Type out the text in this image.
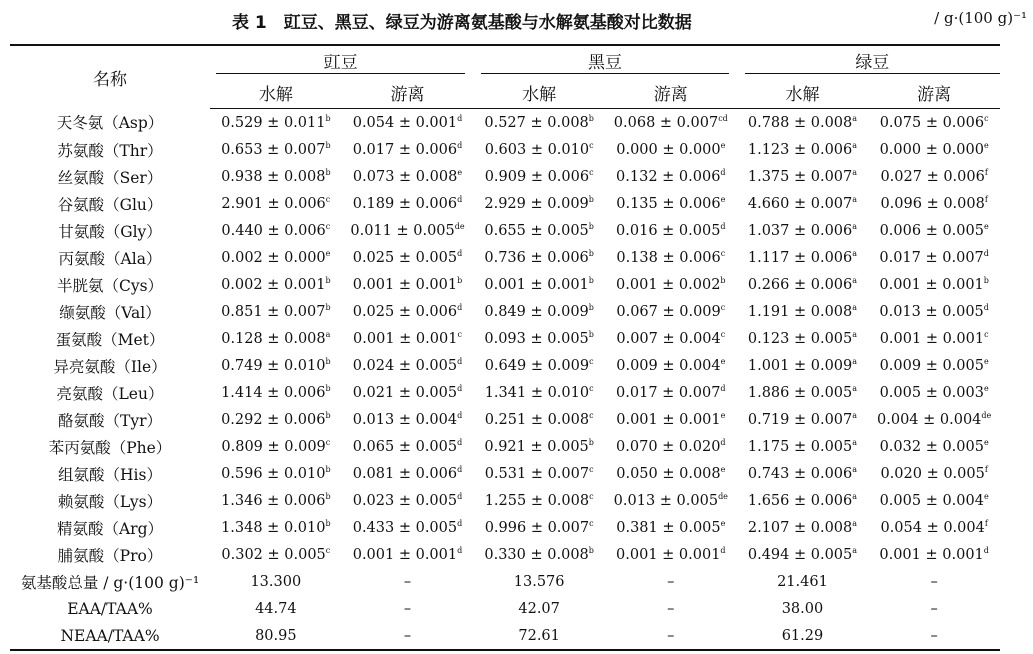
表 1　豇豆、黑豆、绿豆为游离氨基酸与水解氨基酸对比数据	/ g·(100 g)⁻¹
名称	豇豆		黑豆		绿豆	

	水解	游离	水解	游离	水解	游离
天冬氨（Asp）	0.529 ± 0.011$^b$	0.054 ± 0.001$^d$	0.527 ± 0.008$^b$	0.068 ± 0.007$^{cd}$	0.788 ± 0.008$^a$	0.075 ± 0.006$^c$
苏氨酸（Thr）	0.653 ± 0.007$^b$	0.017 ± 0.006$^d$	0.603 ± 0.010$^c$	0.000 ± 0.000$^e$	1.123 ± 0.006$^a$	0.000 ± 0.000$^e$
丝氨酸（Ser）	0.938 ± 0.008$^b$	0.073 ± 0.008$^e$	0.909 ± 0.006$^c$	0.132 ± 0.006$^d$	1.375 ± 0.007$^a$	0.027 ± 0.006$^f$
谷氨酸（Glu）	2.901 ± 0.006$^c$	0.189 ± 0.006$^d$	2.929 ± 0.009$^b$	0.135 ± 0.006$^e$	4.660 ± 0.007$^a$	0.096 ± 0.008$^f$
甘氨酸（Gly）	0.440 ± 0.006$^c$	0.011 ± 0.005de	0.655 ± 0.005$^b$	0.016 ± 0.005$^d$	1.037 ± 0.006$^a$	0.006 ± 0.005$^e$
丙氨酸（Ala）	0.002 ± 0.000$^e$	0.025 ± 0.005$^d$	0.736 ± 0.006$^b$	0.138 ± 0.006$^c$	1.117 ± 0.006$^a$	0.017 ± 0.007$^d$
半胱氨（Cys）	0.002 ± 0.001$^b$	0.001 ± 0.001$^b$	0.001 ± 0.001$^b$	0.001 ± 0.002$^b$	0.266 ± 0.006$^a$	0.001 ± 0.001$^b$
缬氨酸（Val）	0.851 ± 0.007$^b$	0.025 ± 0.006$^d$	0.849 ± 0.009$^b$	0.067 ± 0.009$^c$	1.191 ± 0.008$^a$	0.013 ± 0.005$^d$
蛋氨酸（Met）	0.128 ± 0.008$^a$	0.001 ± 0.001$^c$	0.093 ± 0.005$^b$	0.007 ± 0.004$^c$	0.123 ± 0.005$^a$	0.001 ± 0.001$^c$
异亮氨酸（Ile）	0.749 ± 0.010$^b$	0.024 ± 0.005$^d$	0.649 ± 0.009$^c$	0.009 ± 0.004$^e$	1.001 ± 0.009$^a$	0.009 ± 0.005$^e$
亮氨酸（Leu）	1.414 ± 0.006$^b$	0.021 ± 0.005$^d$	1.341 ± 0.010$^c$	0.017 ± 0.007$^d$	1.886 ± 0.005$^a$	0.005 ± 0.003$^e$
酪氨酸（Tyr）	0.292 ± 0.006$^b$	0.013 ± 0.004$^d$	0.251 ± 0.008$^c$	0.001 ± 0.001$^e$	0.719 ± 0.007$^a$	0.004 ± 0.004de
苯丙氨酸（Phe）	0.809 ± 0.009$^c$	0.065 ± 0.005$^d$	0.921 ± 0.005$^b$	0.070 ± 0.020$^d$	1.175 ± 0.005$^a$	0.032 ± 0.005$^e$
组氨酸（His）	0.596 ± 0.010$^b$	0.081 ± 0.006$^d$	0.531 ± 0.007$^c$	0.050 ± 0.008$^e$	0.743 ± 0.006$^a$	0.020 ± 0.005$^f$
赖氨酸（Lys）	1.346 ± 0.006$^b$	0.023 ± 0.005$^d$	1.255 ± 0.008$^c$	0.013 ± 0.005de	1.656 ± 0.006$^a$	0.005 ± 0.004$^e$
精氨酸（Arg）	1.348 ± 0.010$^b$	0.433 ± 0.005$^d$	0.996 ± 0.007$^c$	0.381 ± 0.005$^e$	2.107 ± 0.008$^a$	0.054 ± 0.004$^f$
脯氨酸（Pro）	0.302 ± 0.005$^c$	0.001 ± 0.001$^d$	0.330 ± 0.008$^b$	0.001 ± 0.001$^d$	0.494 ± 0.005$^a$	0.001 ± 0.001$^d$
氨基酸总量 / g·(100 g)⁻¹	13.300	–	13.576	–	21.461	–
EAA/TAA%	44.74	–	42.07	–	38.00	–
NEAA/TAA%	80.95	–	72.61	–	61.29	–
